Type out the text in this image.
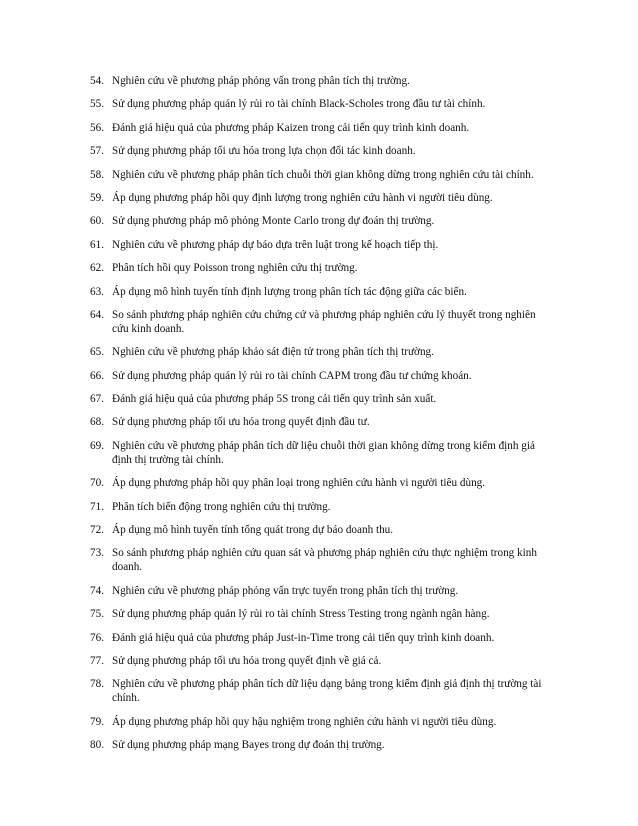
54. Nghiên cứu về phương pháp phỏng vấn trong phân tích thị trường.
55. Sử dụng phương pháp quản lý rủi ro tài chính Black-Scholes trong đầu tư tài chính.
56. Đánh giá hiệu quả của phương pháp Kaizen trong cải tiến quy trình kinh doanh.
57. Sử dụng phương pháp tối ưu hóa trong lựa chọn đối tác kinh doanh.
58. Nghiên cứu về phương pháp phân tích chuỗi thời gian không dừng trong nghiên cứu tài chính.
59. Áp dụng phương pháp hồi quy định lượng trong nghiên cứu hành vi người tiêu dùng.
60. Sử dụng phương pháp mô phỏng Monte Carlo trong dự đoán thị trường.
61. Nghiên cứu về phương pháp dự báo dựa trên luật trong kế hoạch tiếp thị.
62. Phân tích hồi quy Poisson trong nghiên cứu thị trường.
63. Áp dụng mô hình tuyến tính định lượng trong phân tích tác động giữa các biến.
64. So sánh phương pháp nghiên cứu chứng cứ và phương pháp nghiên cứu lý thuyết trong nghiên cứu kinh doanh.
65. Nghiên cứu về phương pháp khảo sát điện tử trong phân tích thị trường.
66. Sử dụng phương pháp quản lý rủi ro tài chính CAPM trong đầu tư chứng khoán.
67. Đánh giá hiệu quả của phương pháp 5S trong cải tiến quy trình sản xuất.
68. Sử dụng phương pháp tối ưu hóa trong quyết định đầu tư.
69. Nghiên cứu về phương pháp phân tích dữ liệu chuỗi thời gian không dừng trong kiểm định giả định thị trường tài chính.
70. Áp dụng phương pháp hồi quy phân loại trong nghiên cứu hành vi người tiêu dùng.
71. Phân tích biến động trong nghiên cứu thị trường.
72. Áp dụng mô hình tuyến tính tổng quát trong dự báo doanh thu.
73. So sánh phương pháp nghiên cứu quan sát và phương pháp nghiên cứu thực nghiệm trong kinh doanh.
74. Nghiên cứu về phương pháp phỏng vấn trực tuyến trong phân tích thị trường.
75. Sử dụng phương pháp quản lý rủi ro tài chính Stress Testing trong ngành ngân hàng.
76. Đánh giá hiệu quả của phương pháp Just-in-Time trong cải tiến quy trình kinh doanh.
77. Sử dụng phương pháp tối ưu hóa trong quyết định về giá cả.
78. Nghiên cứu về phương pháp phân tích dữ liệu dạng bảng trong kiểm định giả định thị trường tài chính.
79. Áp dụng phương pháp hồi quy hậu nghiệm trong nghiên cứu hành vi người tiêu dùng.
80. Sử dụng phương pháp mạng Bayes trong dự đoán thị trường.
